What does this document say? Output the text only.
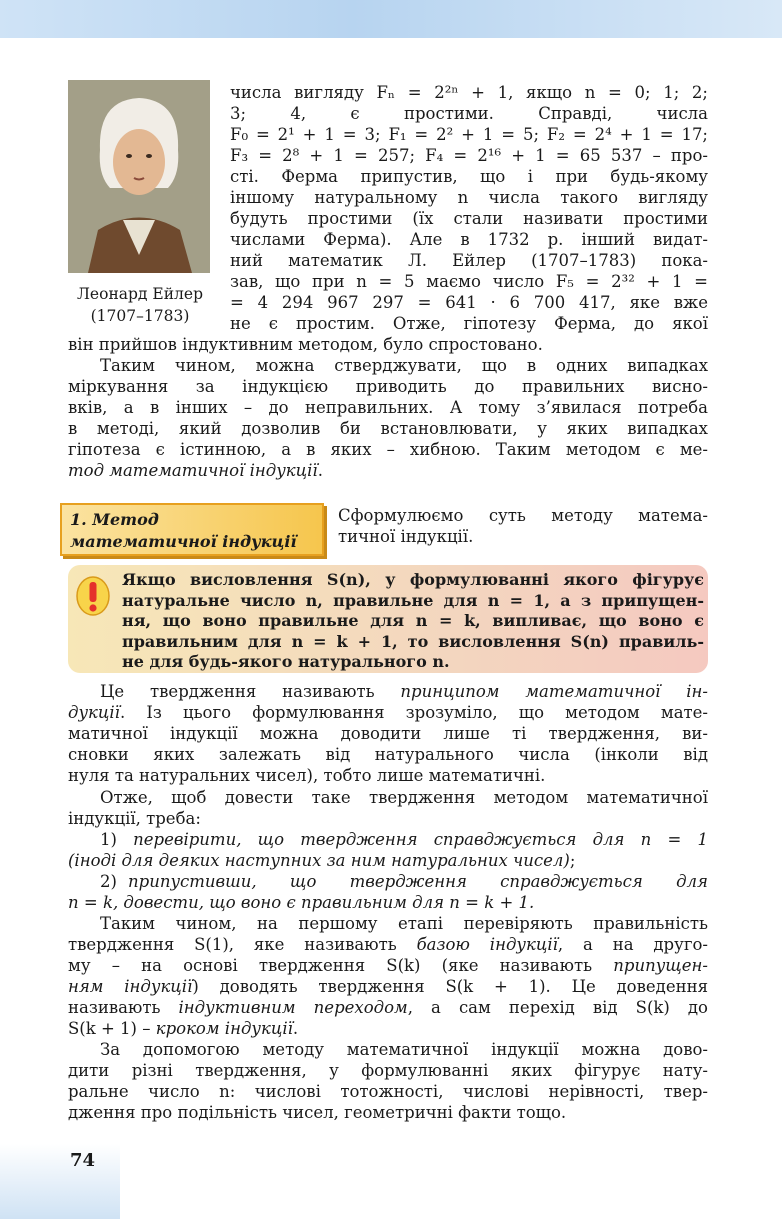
Леонард Ейлер
(1707–1783)
числа вигляду Fₙ = 2²ⁿ + 1, якщо n = 0; 1; 2;
3;   4,   є   простими.   Справді,   числа
F₀ = 2¹ + 1 = 3; F₁ = 2² + 1 = 5; F₂ = 2⁴ + 1 = 17;
F₃ = 2⁸ + 1 = 257; F₄ = 2¹⁶ + 1 = 65 537 – про-
сті. Ферма припустив, що і при будь-якому
іншому натуральному n числа такого вигляду
будуть простими (їх стали називати простими
числами Ферма). Але в 1732 р. інший видат-
ний математик Л. Ейлер (1707–1783) пока-
зав, що при n = 5 маємо число F₅ = 2³² + 1 =
= 4 294 967 297 = 641 · 6 700 417, яке вже
не є простим. Отже, гіпотезу Ферма, до якої
він прийшов індуктивним методом, було спростовано.
Таким чином, можна стверджувати, що в одних випадках
міркування за індукцією приводить до правильних висно-
вків, а в інших – до неправильних. А тому з’явилася потреба
в методі, який дозволив би встановлювати, у яких випадках
гіпотеза є істинною, а в яких – хибною. Таким методом є ме-
тод математичної індукції.
1. Метод
математичної індукції
Сформулюємо суть методу матема-
тичної індукції.
Якщо висловлення S(n), у формулюванні якого фігурує
натуральне число n, правильне для n = 1, а з припущен-
ня, що воно правильне для n = k, випливає, що воно є
правильним для n = k + 1, то висловлення S(n) правиль-
не для будь-якого натурального n.
Це твердження називають принципом математичної ін-
дукції. Із цього формулювання зрозуміло, що методом мате-
матичної індукції можна доводити лише ті твердження, ви-
сновки яких залежать від натурального числа (інколи від
нуля та натуральних чисел), тобто лише математичні.
Отже, щоб довести таке твердження методом математичної
індукції, треба:
1) перевірити, що твердження справджується для n = 1
(іноді для деяких наступних за ним натуральних чисел);
2) припустивши,   що   твердження   справджується   для
n = k, довести, що воно є правильним для n = k + 1.
Таким чином, на першому етапі перевіряють правильність
твердження S(1), яке називають базою індукції, а на друго-
му – на основі твердження S(k) (яке називають припущен-
ням індукції) доводять твердження S(k + 1). Це доведення
називають індуктивним переходом, а сам перехід від S(k) до
S(k + 1) – кроком індукції.
За допомогою методу математичної індукції можна дово-
дити різні твердження, у формулюванні яких фігурує нату-
ральне число n: числові тотожності, числові нерівності, твер-
дження про подільність чисел, геометричні факти тощо.
74
